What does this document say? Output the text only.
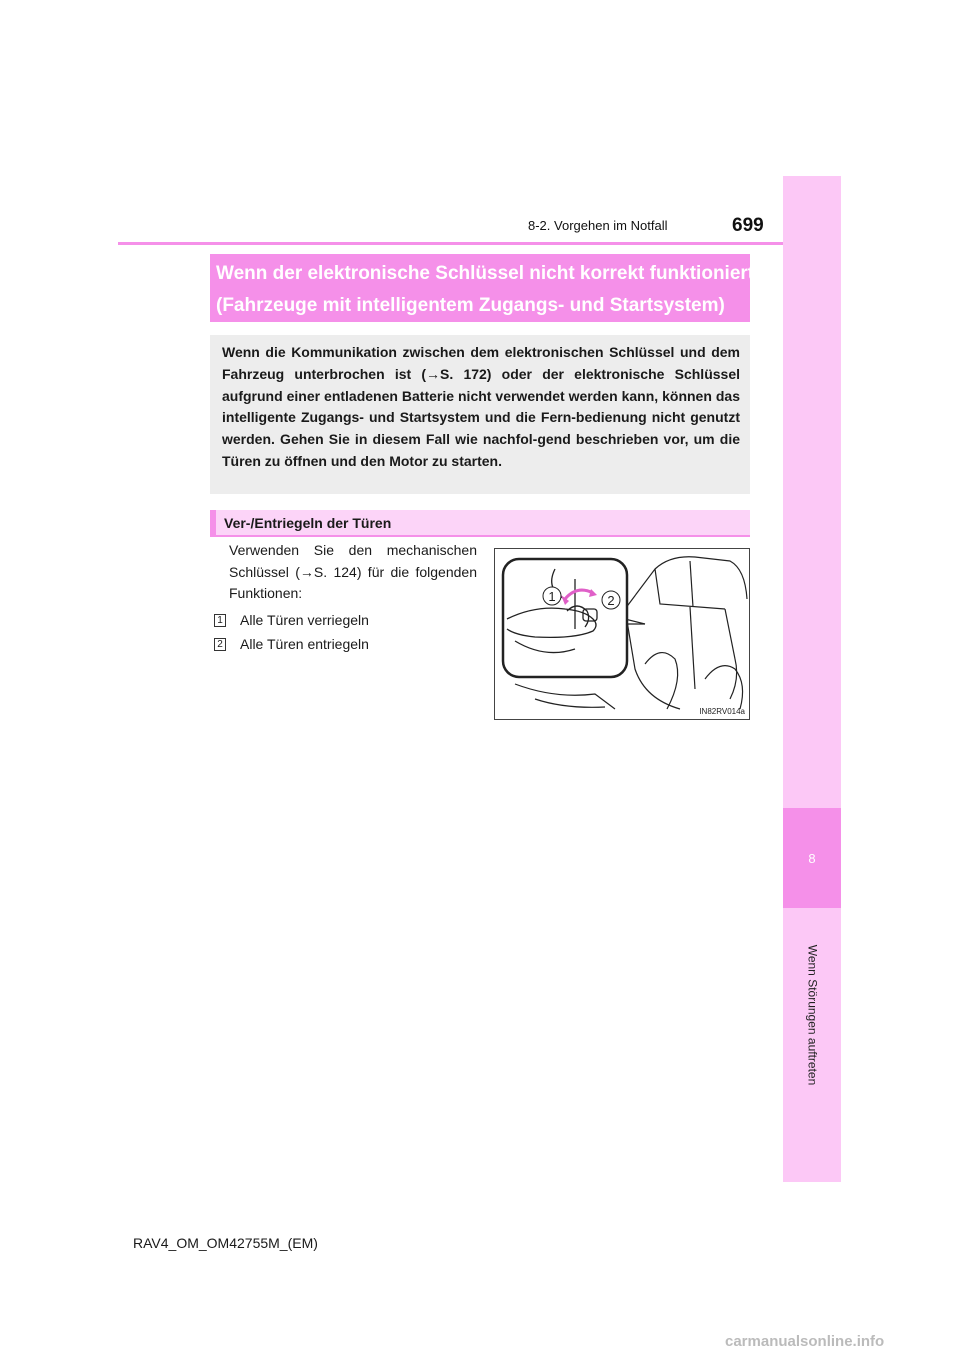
8
Wenn Störungen auftreten
8-2. Vorgehen im Notfall	699
Wenn der elektronische Schlüssel nicht korrekt funktioniert
(Fahrzeuge mit intelligentem Zugangs- und Startsystem)
Wenn die Kommunikation zwischen dem elektronischen Schlüssel und dem Fahrzeug unterbrochen ist (→S. 172) oder der elektronische Schlüssel aufgrund einer entladenen Batterie nicht verwendet werden kann, können das intelligente Zugangs- und Startsystem und die Fern-bedienung nicht genutzt werden. Gehen Sie in diesem Fall wie nachfol-gend beschrieben vor, um die Türen zu öffnen und den Motor zu starten.
Ver-/Entriegeln der Türen
Verwenden Sie den mechanischen Schlüssel (→S. 124) für die folgenden Funktionen:
1 Alle Türen verriegeln
2 Alle Türen entriegeln
1	2
IN82RV014a
RAV4_OM_OM42755M_(EM)
carmanualsonline.info
